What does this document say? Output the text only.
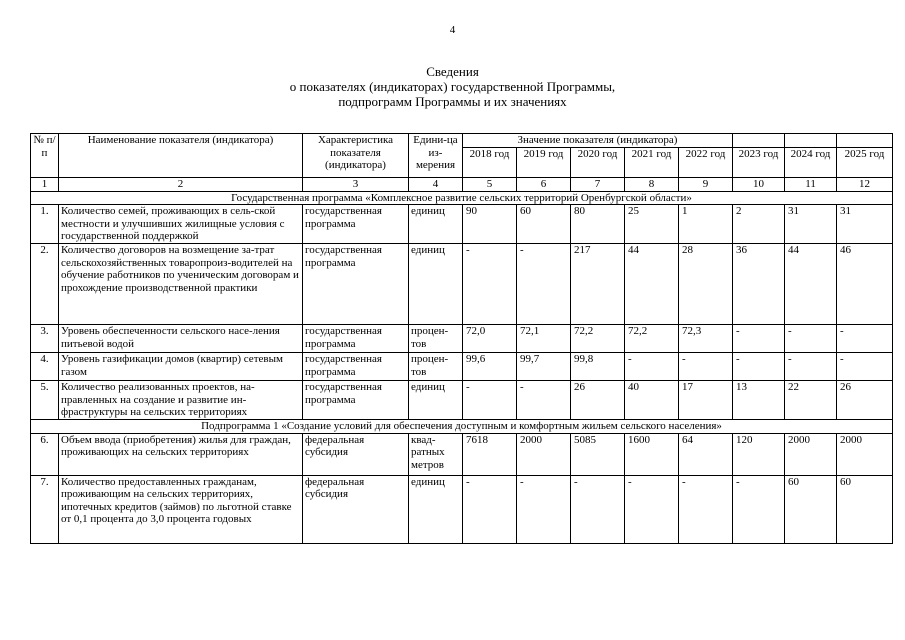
4
Сведения
о показателях (индикаторах) государственной Программы,
подпрограмм Программы и их значениях
№ п/п	Наименование показателя (индикатора)	Характеристика показателя (индикатора)	Едини-ца из-мерения	Значение показателя (индикатора)							
				2018 год	2019 год	2020 год	2021 год	2022 год	2023 год	2024 год	2025 год
1	2	3	4	5	6	7	8	9	10	11	12
Государственная программа «Комплексное развитие сельских территорий Оренбургской области»											
1.	Количество семей, проживающих в сель-ской местности и улучшивших жилищные условия с государственной поддержкой	государственная программа	единиц	90	60	80	25	1	2	31	31
2.	Количество договоров на возмещение за-трат сельскохозяйственных товаропроиз-водителей на обучение работников по ученическим договорам и прохождение производственной практики	государственная программа	единиц	-	-	217	44	28	36	44	46
3.	Уровень обеспеченности сельского насе-ления питьевой водой	государственная программа	процен-тов	72,0	72,1	72,2	72,2	72,3	-	-	-
4.	Уровень газификации домов (квартир) сетевым газом	государственная программа	процен-тов	99,6	99,7	99,8	-	-	-	-	-
5.	Количество реализованных проектов, на-правленных на создание и развитие ин-фраструктуры на сельских территориях	государственная программа	единиц	-	-	26	40	17	13	22	26
Подпрограмма 1 «Создание условий для обеспечения доступным и комфортным жильем сельского населения»											
6.	Объем ввода (приобретения) жилья для граждан, проживающих на сельских территориях	федеральная субсидия	квад-ратных метров	7618	2000	5085	1600	64	120	2000	2000
7.	Количество предоставленных гражданам, проживающим на сельских территориях, ипотечных кредитов (займов) по льготной ставке от 0,1 процента до 3,0 процента годовых	федеральная субсидия	единиц	-	-	-	-	-	-	60	60
